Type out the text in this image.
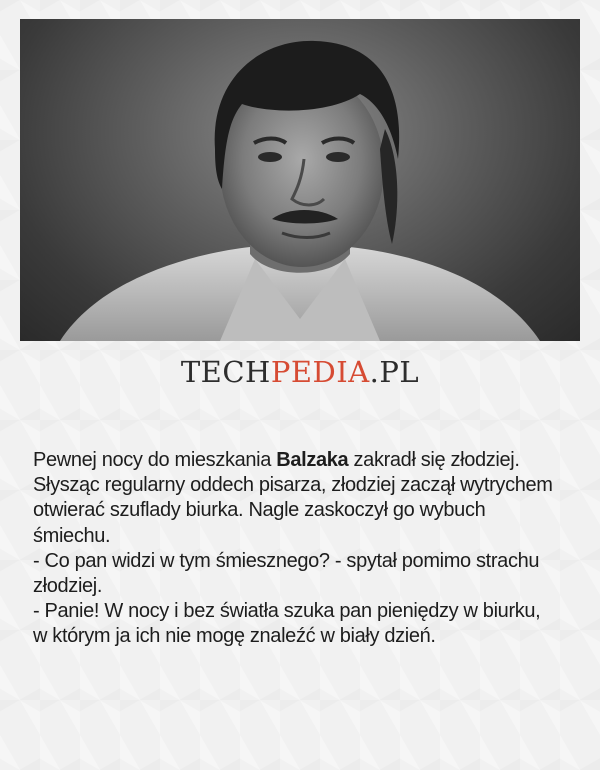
TECHPEDIA.PL
Pewnej nocy do mieszkania Balzaka zakradł się złodziej.
Słysząc regularny oddech pisarza, złodziej zaczął wytrychem
otwierać szuflady biurka. Nagle zaskoczył go wybuch
śmiechu.
- Co pan widzi w tym śmiesznego? - spytał pomimo strachu
złodziej.
- Panie! W nocy i bez światła szuka pan pieniędzy w biurku,
w którym ja ich nie mogę znaleźć w biały dzień.
